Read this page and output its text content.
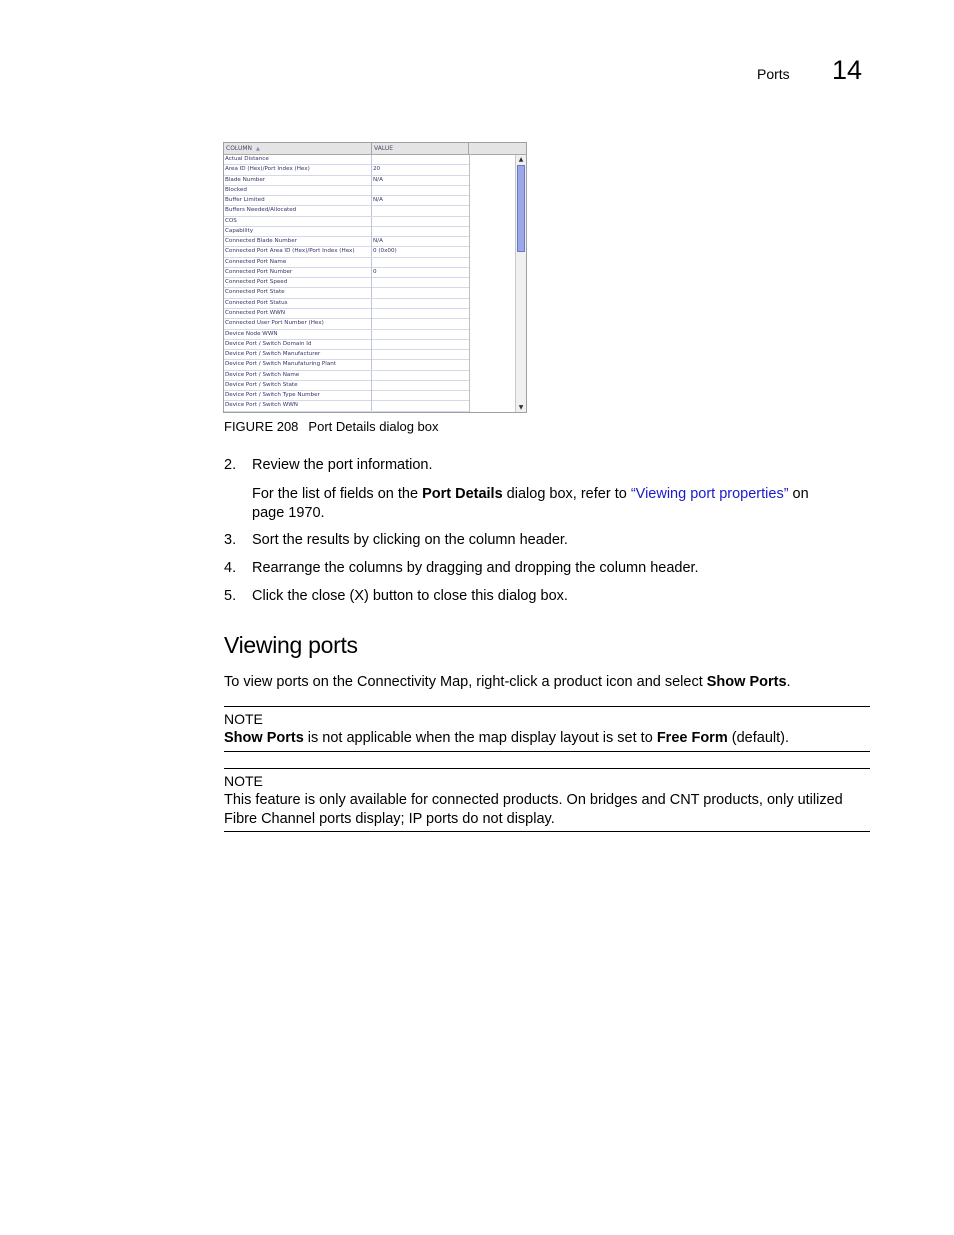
Ports 14
COLUMN ▲	VALUE
Actual Distance
Area ID (Hex)/Port Index (Hex)	20
Blade Number	N/A
Blocked
Buffer Limited	N/A
Buffers Needed/Allocated
COS
Capability
Connected Blade Number	N/A
Connected Port Area ID (Hex)/Port Index (Hex)	0 (0x00)
Connected Port Name
Connected Port Number	0
Connected Port Speed
Connected Port State
Connected Port Status
Connected Port WWN
Connected User Port Number (Hex)
Device Node WWN
Device Port / Switch Domain Id
Device Port / Switch Manufacturer
Device Port / Switch Manufaturing Plant
Device Port / Switch Name
Device Port / Switch State
Device Port / Switch Type Number
Device Port / Switch WWN
▲
▼
FIGURE 208 Port Details dialog box
2. Review the port information.
For the list of fields on the Port Details dialog box, refer to “Viewing port properties” on page 1970.
3. Sort the results by clicking on the column header.
4. Rearrange the columns by dragging and dropping the column header.
5. Click the close (X) button to close this dialog box.
Viewing ports
To view ports on the Connectivity Map, right-click a product icon and select Show Ports.
NOTE
Show Ports is not applicable when the map display layout is set to Free Form (default).
NOTE
This feature is only available for connected products. On bridges and CNT products, only utilized Fibre Channel ports display; IP ports do not display.
